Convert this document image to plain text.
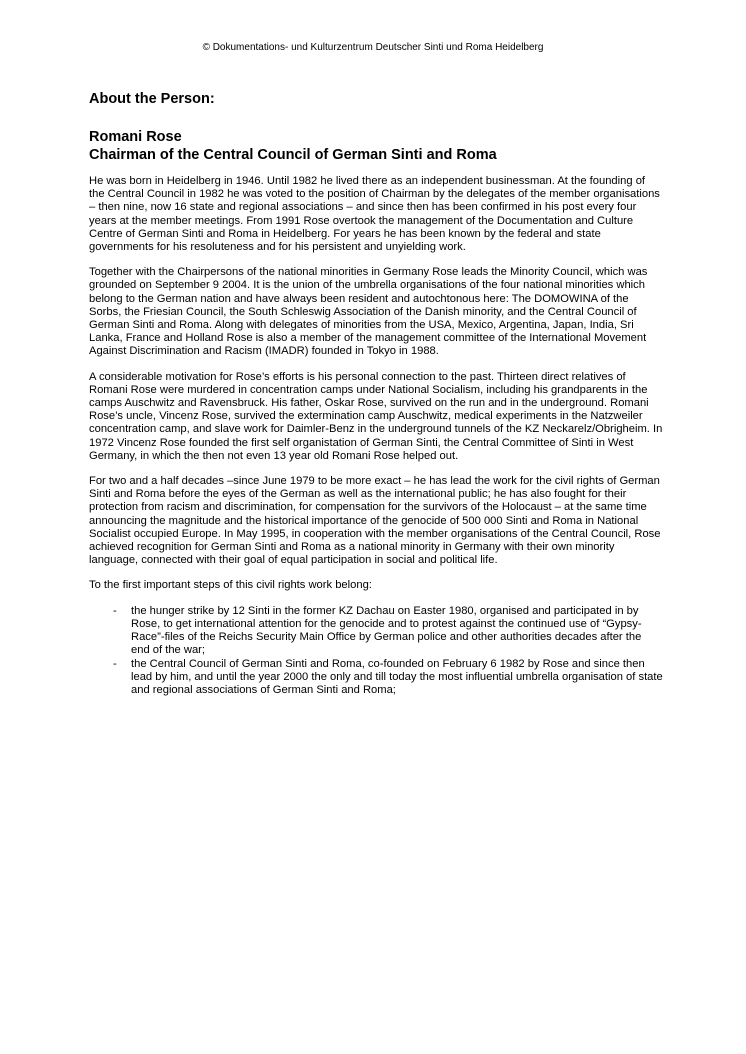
© Dokumentations- und Kulturzentrum Deutscher Sinti und Roma Heidelberg
About the Person:
Romani Rose
Chairman of the Central Council of German Sinti and Roma

He was born in Heidelberg in 1946. Until 1982 he lived there as an independent businessman. At the founding of the Central Council in 1982 he was voted to the position of Chairman by the delegates of the member organisations – then nine, now 16 state and regional associations – and since then has been confirmed in his post every four years at the member meetings. From 1991 Rose overtook the management of the Documentation and Culture Centre of German Sinti and Roma in Heidelberg. For years he has been known by the federal and state governments for his resoluteness and for his persistent and unyielding work.

Together with the Chairpersons of the national minorities in Germany Rose leads the Minority Council, which was grounded on September 9 2004. It is the union of the umbrella organisations of the four national minorities which belong to the German nation and have always been resident and autochtonous here: The DOMOWINA of the Sorbs, the Friesian Council, the South Schleswig Association of the Danish minority, and the Central Council of German Sinti and Roma. Along with delegates of minorities from the USA, Mexico, Argentina, Japan, India, Sri Lanka, France and Holland Rose is also a member of the management committee of the International Movement Against Discrimination and Racism (IMADR) founded in Tokyo in 1988.

A considerable motivation for Rose’s efforts is his personal connection to the past. Thirteen direct relatives of Romani Rose were murdered in concentration camps under National Socialism, including his grandparents in the camps Auschwitz and Ravensbruck. His father, Oskar Rose, survived on the run and in the underground. Romani Rose’s uncle, Vincenz Rose, survived the extermination camp Auschwitz, medical experiments in the Natzweiler concentration camp, and slave work for Daimler-Benz in the underground tunnels of the KZ Neckarelz/Obrigheim. In 1972 Vincenz Rose founded the first self organistation of German Sinti, the Central Committee of Sinti in West Germany, in which the then not even 13 year old Romani Rose helped out.

For two and a half decades –since June 1979 to be more exact – he has lead the work for the civil rights of German Sinti and Roma before the eyes of the German as well as the international public; he has also fought for their protection from racism and discrimination, for compensation for the survivors of the Holocaust – at the same time announcing the magnitude and the historical importance of the genocide of 500 000 Sinti and Roma in National Socialist occupied Europe. In May 1995, in cooperation with the member organisations of the Central Council, Rose achieved recognition for German Sinti and Roma as a national minority in Germany with their own minority language, connected with their goal of equal participation in social and political life.

To the first important steps of this civil rights work belong:

- the hunger strike by 12 Sinti in the former KZ Dachau on Easter 1980, organised and participated in by Rose, to get international attention for the genocide and to protest against the continued use of “Gypsy-Race”-files of the Reichs Security Main Office by German police and other authorities decades after the end of the war;
- the Central Council of German Sinti and Roma, co-founded on February 6 1982 by Rose and since then lead by him, and until the year 2000 the only and till today the most influential umbrella organisation of state and regional associations of German Sinti and Roma;
